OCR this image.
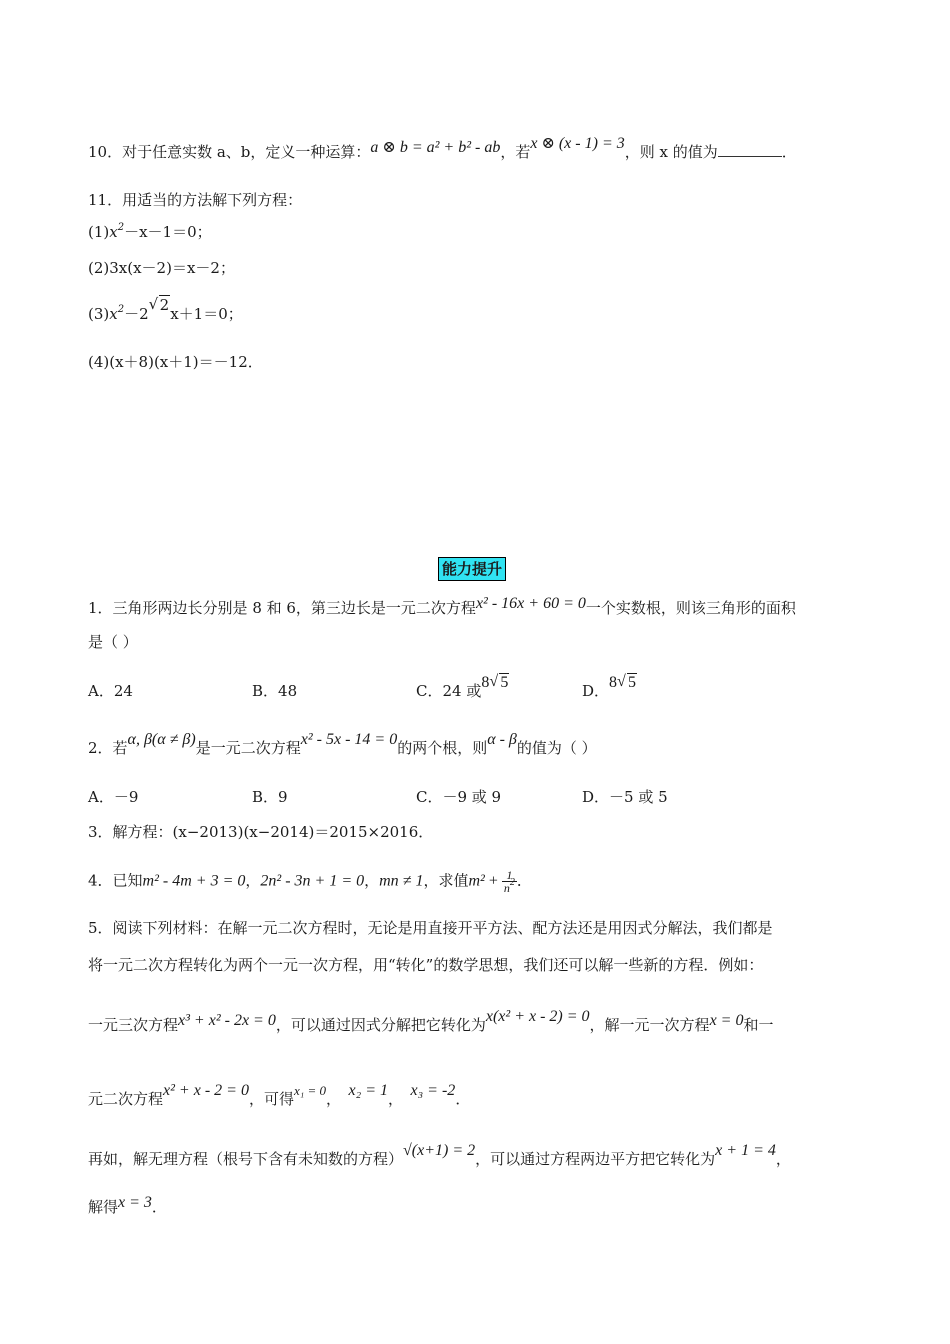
10．对于任意实数 a、b，定义一种运算：a ⊗ b = a² + b² - ab，若x ⊗ (x - 1) = 3，则 x 的值为	．
11．用适当的方法解下列方程：
$(1)x^2-x-1=0$；
(2)3x(x－2)＝x－2；
$(3)x^2-2√$ 2x＋1＝0；
(4)(x＋8)(x＋1)＝－12．
能力提升
1．三角形两边长分别是 8 和 6，第三边长是一元二次方程x² - 16x + 60 = 0一个实数根，则该三角形的面积
是（ ）
A．24	B．48	C．24 或8√ 5	D．8√ 5
2．若α, β(α ≠ β)是一元二次方程x² - 5x - 14 = 0的两个根，则α - β的值为（ ）
A．－9	B．9	C．－9 或 9	D．－5 或 5
3．解方程：(x−2013)(x−2014)＝2015×2016．
4．已知m² - 4m + 3 = 0，2n² - 3n + 1 = 0，mn ≠ 1，求值$m^2 + \frac{1}{n^2}$ ．
5．阅读下列材料：在解一元二次方程时，无论是用直接开平方法、配方法还是用因式分解法，我们都是
将一元二次方程转化为两个一元一次方程，用“转化”的数学思想，我们还可以解一些新的方程．例如：
一元三次方程x³ + x² - 2x = 0，可以通过因式分解把它转化为x(x² + x - 2) = 0，解一元一次方程x = 0和一
元二次方程x² + x - 2 = 0，可得x₁ = 0，　x₂ = 1，　x₃ = -2．
再如，解无理方程（根号下含有未知数的方程）√(x+1) = 2，可以通过方程两边平方把它转化为x + 1 = 4，
解得x = 3．
